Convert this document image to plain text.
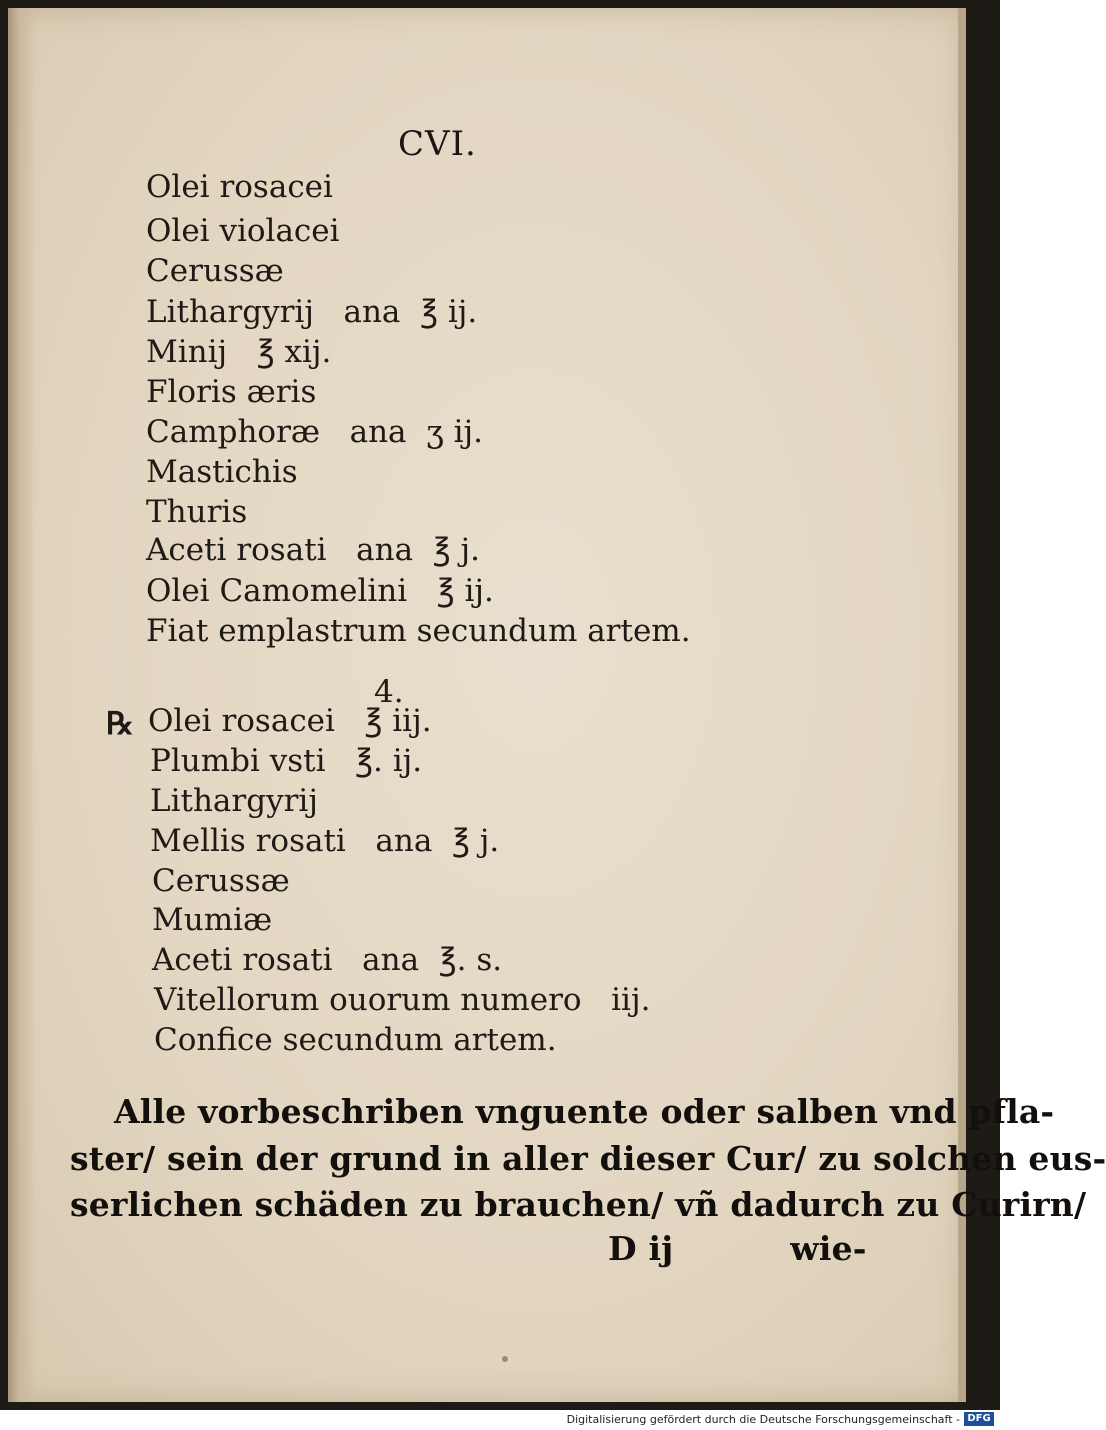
CVI.
Olei rosacei
Olei violacei
Cerussæ
Lithargyrij   ana  ℥ ij.
Minij   ℥ xij.
Floris æris
Camphoræ   ana  ʒ ij.
Mastichis
Thuris
Aceti rosati   ana  ℥ j.
Olei Camomelini   ℥ ij.
Fiat emplastrum secundum artem.
4.
℞ Olei rosacei   ℥ iij.
Plumbi vsti   ℥. ij.
Lithargyrij
Mellis rosati   ana  ℥ j.
Cerussæ
Mumiæ
Aceti rosati   ana  ℥. s.
Vitellorum ouorum numero   iij.
Confice secundum artem.
Alle vorbeschriben vnguente oder salben vnd pfla-
ster/ sein der grund in aller dieser Cur/ zu solchen eus-
serlichen schäden zu brauchen/ vñ dadurch zu Curirn/
D ij          wie-
Digitalisierung gefördert durch die Deutsche Forschungsgemeinschaft - DFG
